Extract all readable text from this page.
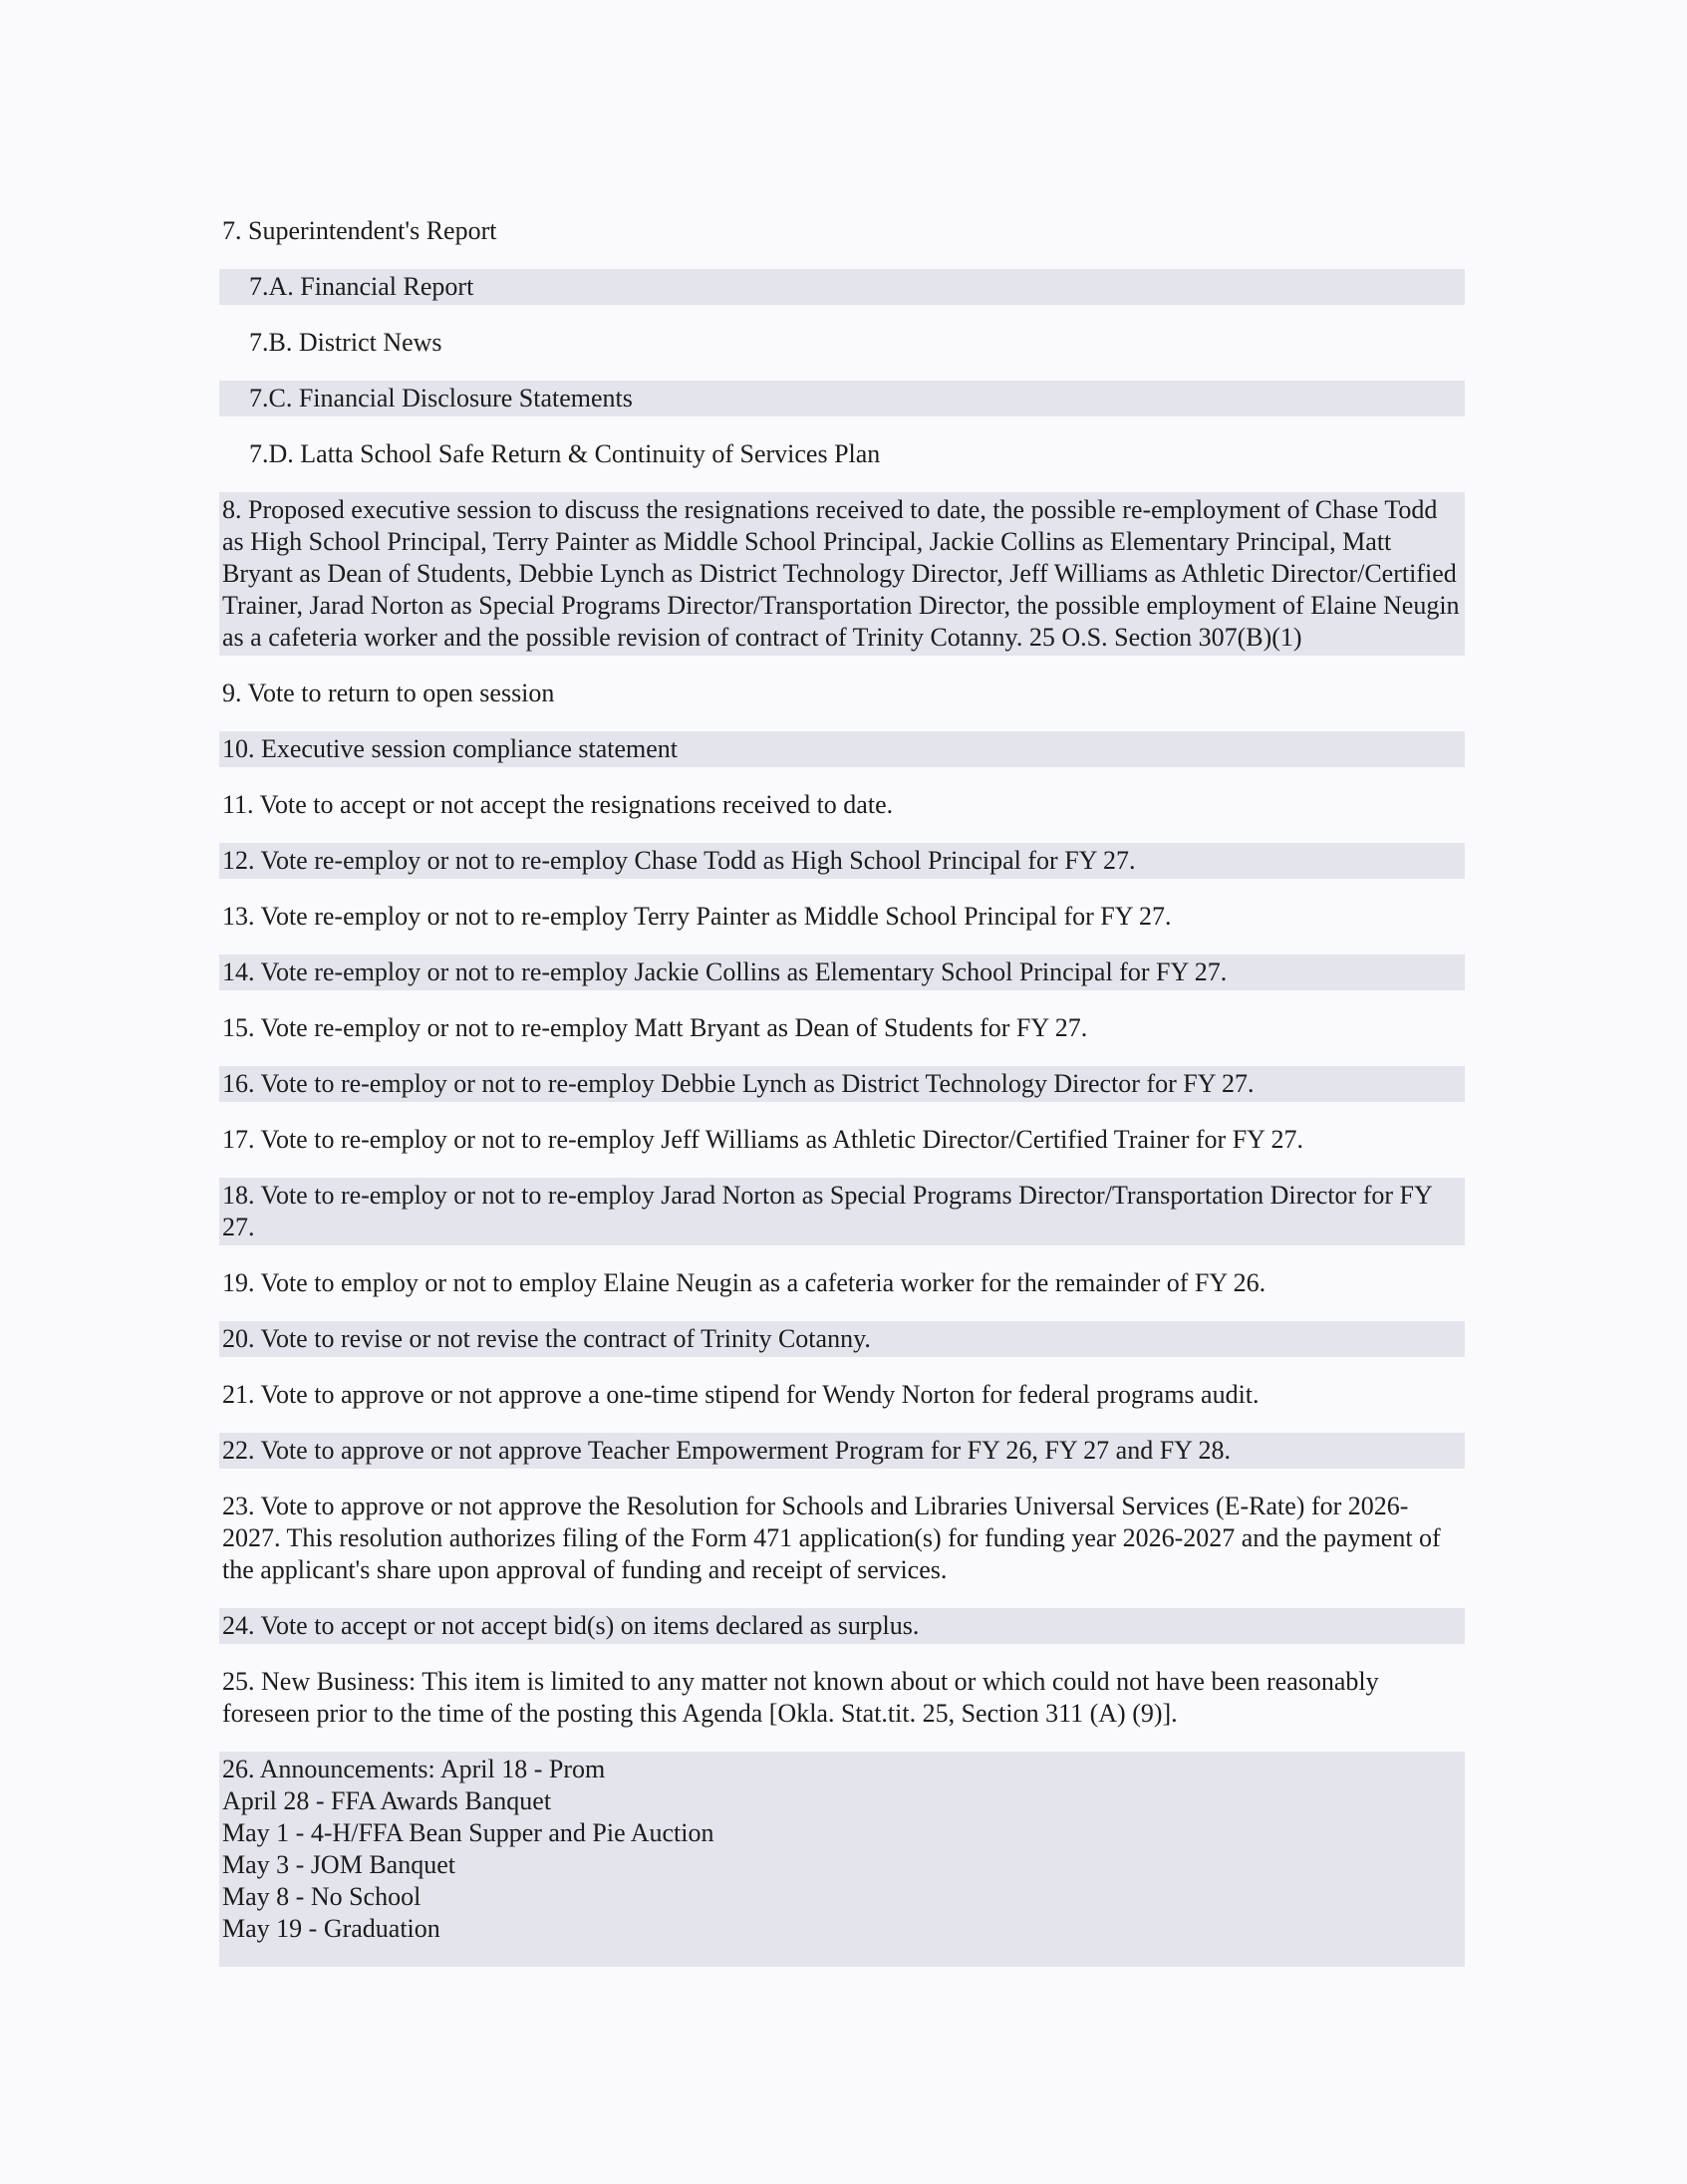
7. Superintendent's Report
7.A. Financial Report
7.B. District News
7.C. Financial Disclosure Statements
7.D. Latta School Safe Return & Continuity of Services Plan
8. Proposed executive session to discuss the resignations received to date, the possible re-employment of Chase Todd as High School Principal, Terry Painter as Middle School Principal, Jackie Collins as Elementary Principal, Matt Bryant as Dean of Students, Debbie Lynch as District Technology Director, Jeff Williams as Athletic Director/Certified Trainer, Jarad Norton as Special Programs Director/Transportation Director, the possible employment of Elaine Neugin as a cafeteria worker and the possible revision of contract of Trinity Cotanny. 25 O.S. Section 307(B)(1)
9. Vote to return to open session
10. Executive session compliance statement
11. Vote to accept or not accept the resignations received to date.
12. Vote re-employ or not to re-employ Chase Todd as High School Principal for FY 27.
13. Vote re-employ or not to re-employ Terry Painter as Middle School Principal for FY 27.
14. Vote re-employ or not to re-employ Jackie Collins as Elementary School Principal for FY 27.
15. Vote re-employ or not to re-employ Matt Bryant as Dean of Students for FY 27.
16. Vote to re-employ or not to re-employ Debbie Lynch as District Technology Director for FY 27.
17. Vote to re-employ or not to re-employ Jeff Williams as Athletic Director/Certified Trainer for FY 27.
18. Vote to re-employ or not to re-employ Jarad Norton as Special Programs Director/Transportation Director for FY 27.
19. Vote to employ or not to employ Elaine Neugin as a cafeteria worker for the remainder of FY 26.
20. Vote to revise or not revise the contract of Trinity Cotanny.
21. Vote to approve or not approve a one-time stipend for Wendy Norton for federal programs audit.
22. Vote to approve or not approve Teacher Empowerment Program for FY 26, FY 27 and FY 28.
23. Vote to approve or not approve the Resolution for Schools and Libraries Universal Services (E-Rate) for 2026-2027. This resolution authorizes filing of the Form 471 application(s) for funding year 2026-2027 and the payment of the applicant's share upon approval of funding and receipt of services.
24. Vote to accept or not accept bid(s) on items declared as surplus.
25. New Business: This item is limited to any matter not known about or which could not have been reasonably foreseen prior to the time of the posting this Agenda [Okla. Stat.tit. 25, Section 311 (A) (9)].
26. Announcements: April 18 - Prom
April 28 - FFA Awards Banquet
May 1 - 4-H/FFA Bean Supper and Pie Auction
May 3 - JOM Banquet
May 8 - No School
May 19 - Graduation
